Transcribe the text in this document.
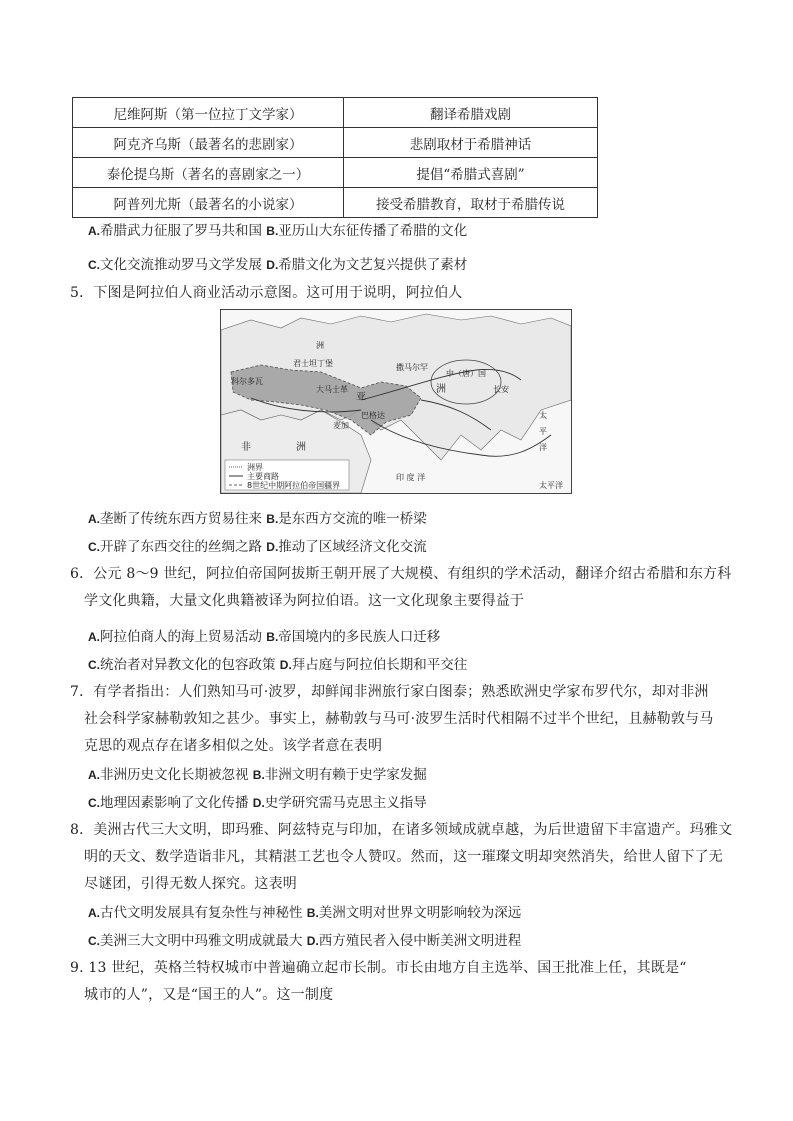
尼维阿斯（第一位拉丁文学家）	翻译希腊戏剧
阿克齐乌斯（最著名的悲剧家）	悲剧取材于希腊神话
泰伦提乌斯（著名的喜剧家之一）	提倡“希腊式喜剧”
阿普列尤斯（最著名的小说家）	接受希腊教育，取材于希腊传说
A.希腊武力征服了罗马共和国 B.亚历山大东征传播了希腊的文化
C.文化交流推动罗马文学发展 D.希腊文化为文艺复兴提供了素材
5．下图是阿拉伯人商业活动示意图。这可用于说明，阿拉伯人
洲
非	洲
亚
洲
中（唐）国
长安
太
平
洋
印 度 洋
太平洋
巴格达
大马士革
麦加
撒马尔罕
科尔多瓦
君士坦丁堡
洲界
主要商路
8世纪中期阿拉伯帝国疆界
A.垄断了传统东西方贸易往来 B.是东西方交流的唯一桥梁
C.开辟了东西交往的丝绸之路 D.推动了区域经济文化交流
6．公元 8～9 世纪，阿拉伯帝国阿拔斯王朝开展了大规模、有组织的学术活动，翻译介绍古希腊和东方科
学文化典籍，大量文化典籍被译为阿拉伯语。这一文化现象主要得益于
A.阿拉伯商人的海上贸易活动 B.帝国境内的多民族人口迁移
C.统治者对异教文化的包容政策 D.拜占庭与阿拉伯长期和平交往
7．有学者指出：人们熟知马可·波罗，却鲜闻非洲旅行家白图泰；熟悉欧洲史学家布罗代尔，却对非洲
社会科学家赫勒敦知之甚少。事实上，赫勒敦与马可·波罗生活时代相隔不过半个世纪，且赫勒敦与马
克思的观点存在诸多相似之处。该学者意在表明
A.非洲历史文化长期被忽视 B.非洲文明有赖于史学家发掘
C.地理因素影响了文化传播 D.史学研究需马克思主义指导
8．美洲古代三大文明，即玛雅、阿兹特克与印加，在诸多领域成就卓越，为后世遗留下丰富遗产。玛雅文
明的天文、数学造诣非凡，其精湛工艺也令人赞叹。然而，这一璀璨文明却突然消失，给世人留下了无
尽谜团，引得无数人探究。这表明
A.古代文明发展具有复杂性与神秘性 B.美洲文明对世界文明影响较为深远
C.美洲三大文明中玛雅文明成就最大 D.西方殖民者入侵中断美洲文明进程
9. 13 世纪，英格兰特权城市中普遍确立起市长制。市长由地方自主选举、国王批准上任，其既是“
城市的人”，又是“国王的人”。这一制度
